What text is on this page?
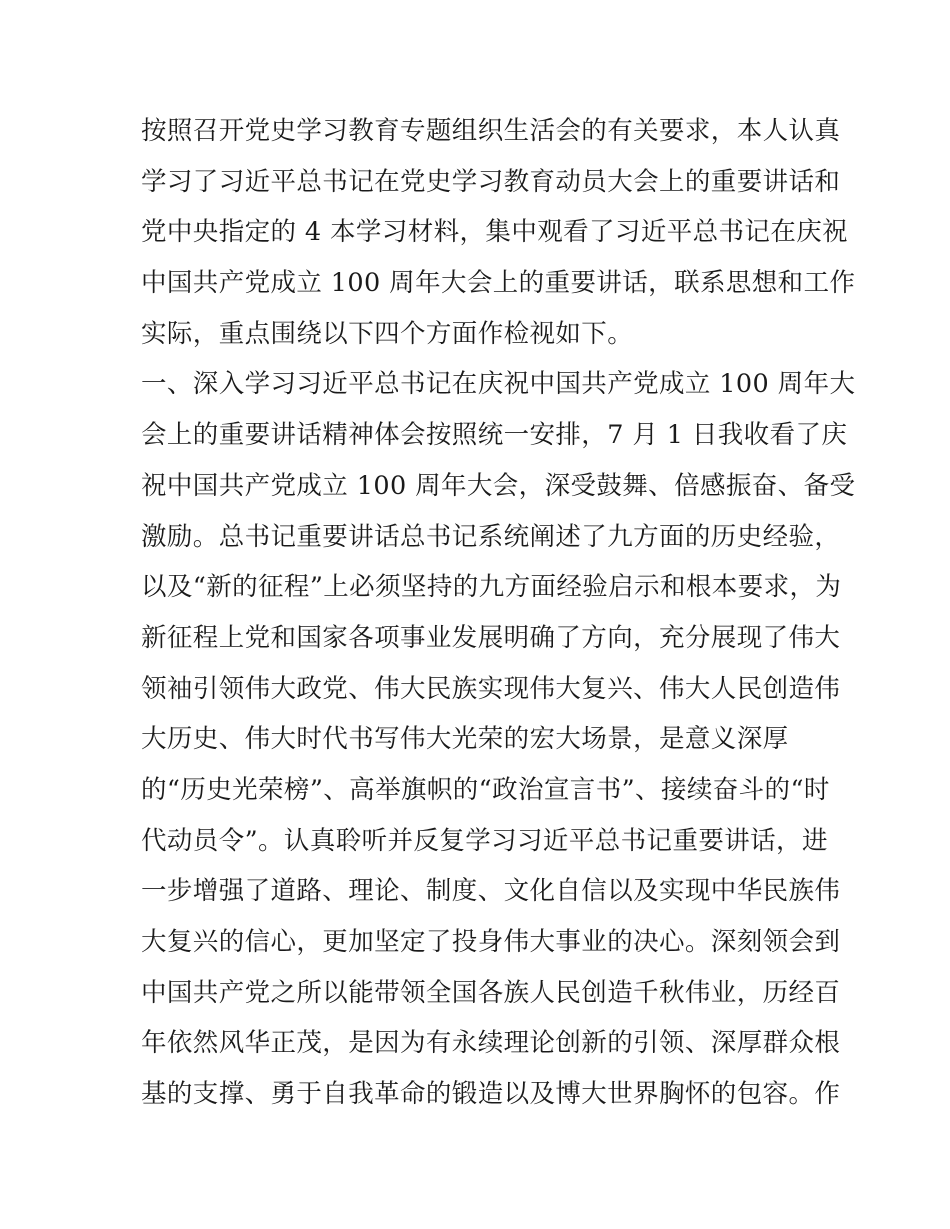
按照召开党史学习教育专题组织生活会的有关要求，本人认真
学习了习近平总书记在党史学习教育动员大会上的重要讲话和
党中央指定的 4 本学习材料，集中观看了习近平总书记在庆祝
中国共产党成立 100 周年大会上的重要讲话，联系思想和工作
实际，重点围绕以下四个方面作检视如下。
一、深入学习习近平总书记在庆祝中国共产党成立 100 周年大
会上的重要讲话精神体会按照统一安排，7 月 1 日我收看了庆
祝中国共产党成立 100 周年大会，深受鼓舞、倍感振奋、备受
激励。总书记重要讲话总书记系统阐述了九方面的历史经验，
以及“新的征程”上必须坚持的九方面经验启示和根本要求，为
新征程上党和国家各项事业发展明确了方向，充分展现了伟大
领袖引领伟大政党、伟大民族实现伟大复兴、伟大人民创造伟
大历史、伟大时代书写伟大光荣的宏大场景，是意义深厚
的“历史光荣榜”、高举旗帜的“政治宣言书”、接续奋斗的“时
代动员令”。认真聆听并反复学习习近平总书记重要讲话，进
一步增强了道路、理论、制度、文化自信以及实现中华民族伟
大复兴的信心，更加坚定了投身伟大事业的决心。深刻领会到
中国共产党之所以能带领全国各族人民创造千秋伟业，历经百
年依然风华正茂，是因为有永续理论创新的引领、深厚群众根
基的支撑、勇于自我革命的锻造以及博大世界胸怀的包容。作
